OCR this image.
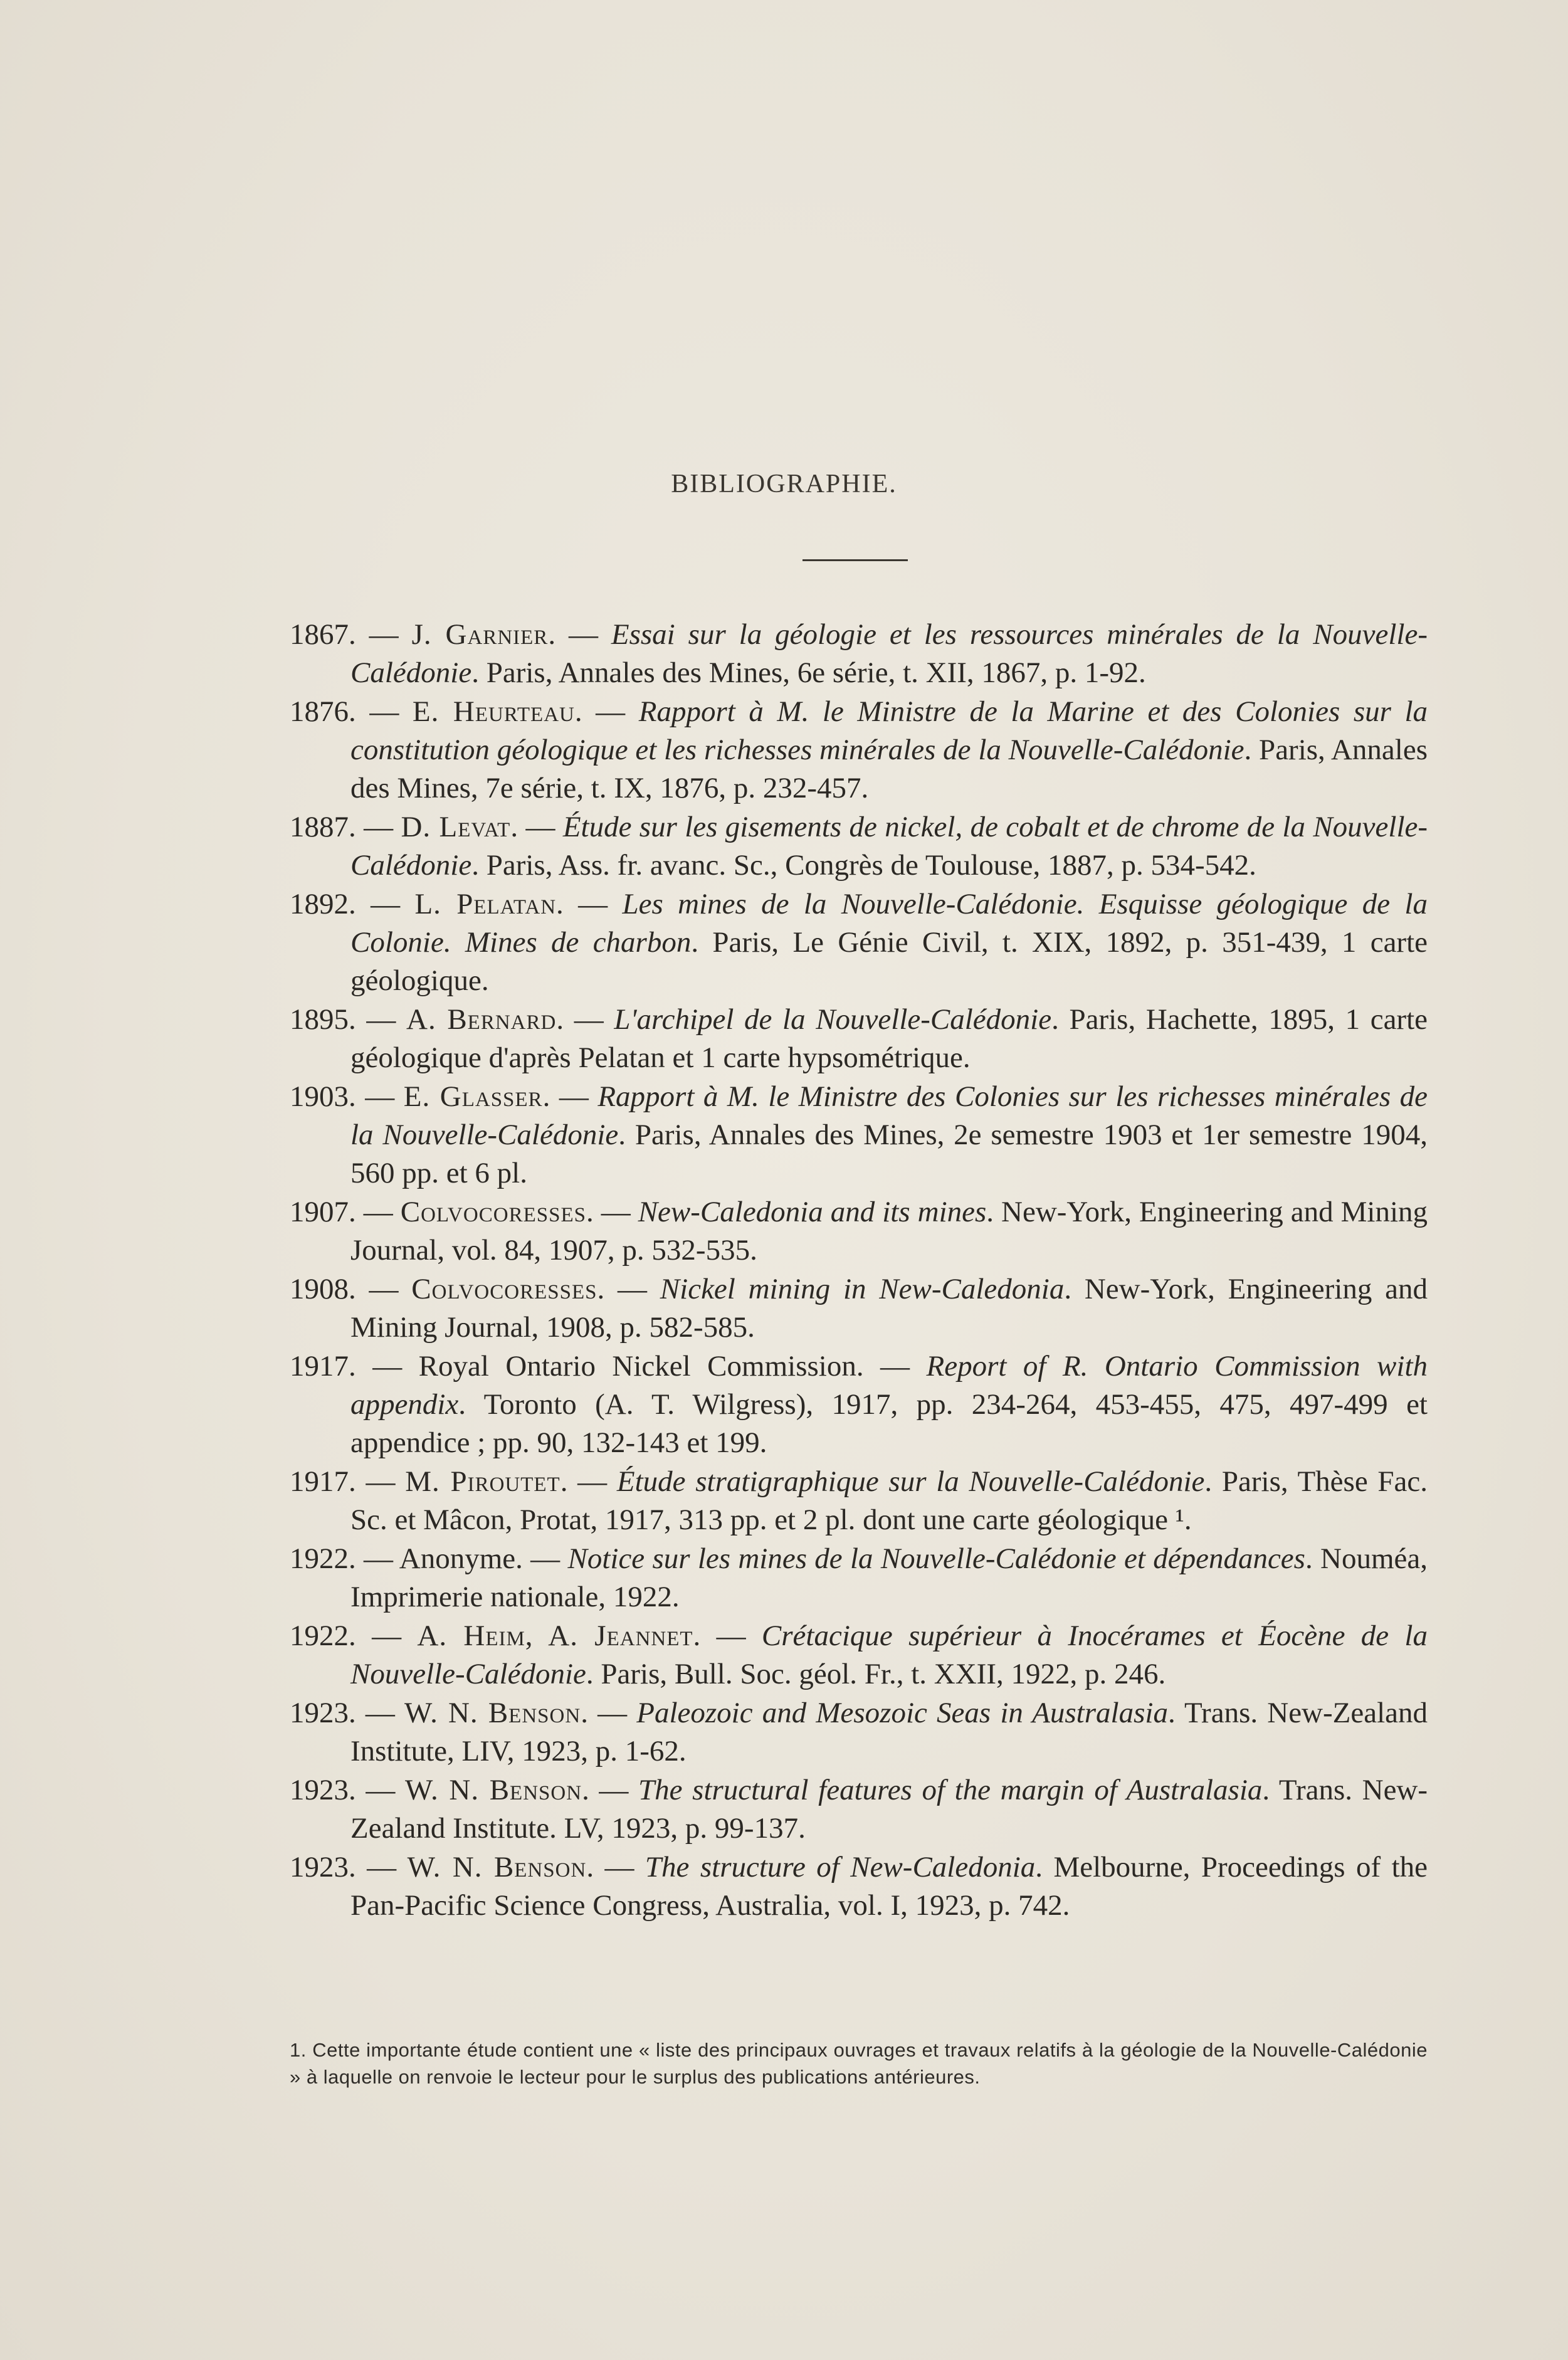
BIBLIOGRAPHIE.

1867. — J. Garnier. — Essai sur la géologie et les ressources minérales de la Nouvelle-Calédonie. Paris, Annales des Mines, 6e série, t. XII, 1867, p. 1-92.

1876. — E. Heurteau. — Rapport à M. le Ministre de la Marine et des Colonies sur la constitution géologique et les richesses minérales de la Nouvelle-Calédonie. Paris, Annales des Mines, 7e série, t. IX, 1876, p. 232-457.

1887. — D. Levat. — Étude sur les gisements de nickel, de cobalt et de chrome de la Nouvelle-Calédonie. Paris, Ass. fr. avanc. Sc., Congrès de Toulouse, 1887, p. 534-542.

1892. — L. Pelatan. — Les mines de la Nouvelle-Calédonie. Esquisse géologique de la Colonie. Mines de charbon. Paris, Le Génie Civil, t. XIX, 1892, p. 351-439, 1 carte géologique.

1895. — A. Bernard. — L'archipel de la Nouvelle-Calédonie. Paris, Hachette, 1895, 1 carte géologique d'après Pelatan et 1 carte hypsométrique.

1903. — E. Glasser. — Rapport à M. le Ministre des Colonies sur les richesses minérales de la Nouvelle-Calédonie. Paris, Annales des Mines, 2e semestre 1903 et 1er semestre 1904, 560 pp. et 6 pl.

1907. — Colvocoresses. — New-Caledonia and its mines. New-York, Engineering and Mining Journal, vol. 84, 1907, p. 532-535.

1908. — Colvocoresses. — Nickel mining in New-Caledonia. New-York, Engineering and Mining Journal, 1908, p. 582-585.

1917. — Royal Ontario Nickel Commission. — Report of R. Ontario Commission with appendix. Toronto (A. T. Wilgress), 1917, pp. 234-264, 453-455, 475, 497-499 et appendice ; pp. 90, 132-143 et 199.

1917. — M. Piroutet. — Étude stratigraphique sur la Nouvelle-Calédonie. Paris, Thèse Fac. Sc. et Mâcon, Protat, 1917, 313 pp. et 2 pl. dont une carte géologique ¹.

1922. — Anonyme. — Notice sur les mines de la Nouvelle-Calédonie et dépendances. Nouméa, Imprimerie nationale, 1922.

1922. — A. Heim, A. Jeannet. — Crétacique supérieur à Inocérames et Éocène de la Nouvelle-Calédonie. Paris, Bull. Soc. géol. Fr., t. XXII, 1922, p. 246.

1923. — W. N. Benson. — Paleozoic and Mesozoic Seas in Australasia. Trans. New-Zealand Institute, LIV, 1923, p. 1-62.

1923. — W. N. Benson. — The structural features of the margin of Australasia. Trans. New-Zealand Institute. LV, 1923, p. 99-137.

1923. — W. N. Benson. — The structure of New-Caledonia. Melbourne, Proceedings of the Pan-Pacific Science Congress, Australia, vol. I, 1923, p. 742.

1. Cette importante étude contient une « liste des principaux ouvrages et travaux relatifs à la géologie de la Nouvelle-Calédonie » à laquelle on renvoie le lecteur pour le surplus des publications antérieures.
